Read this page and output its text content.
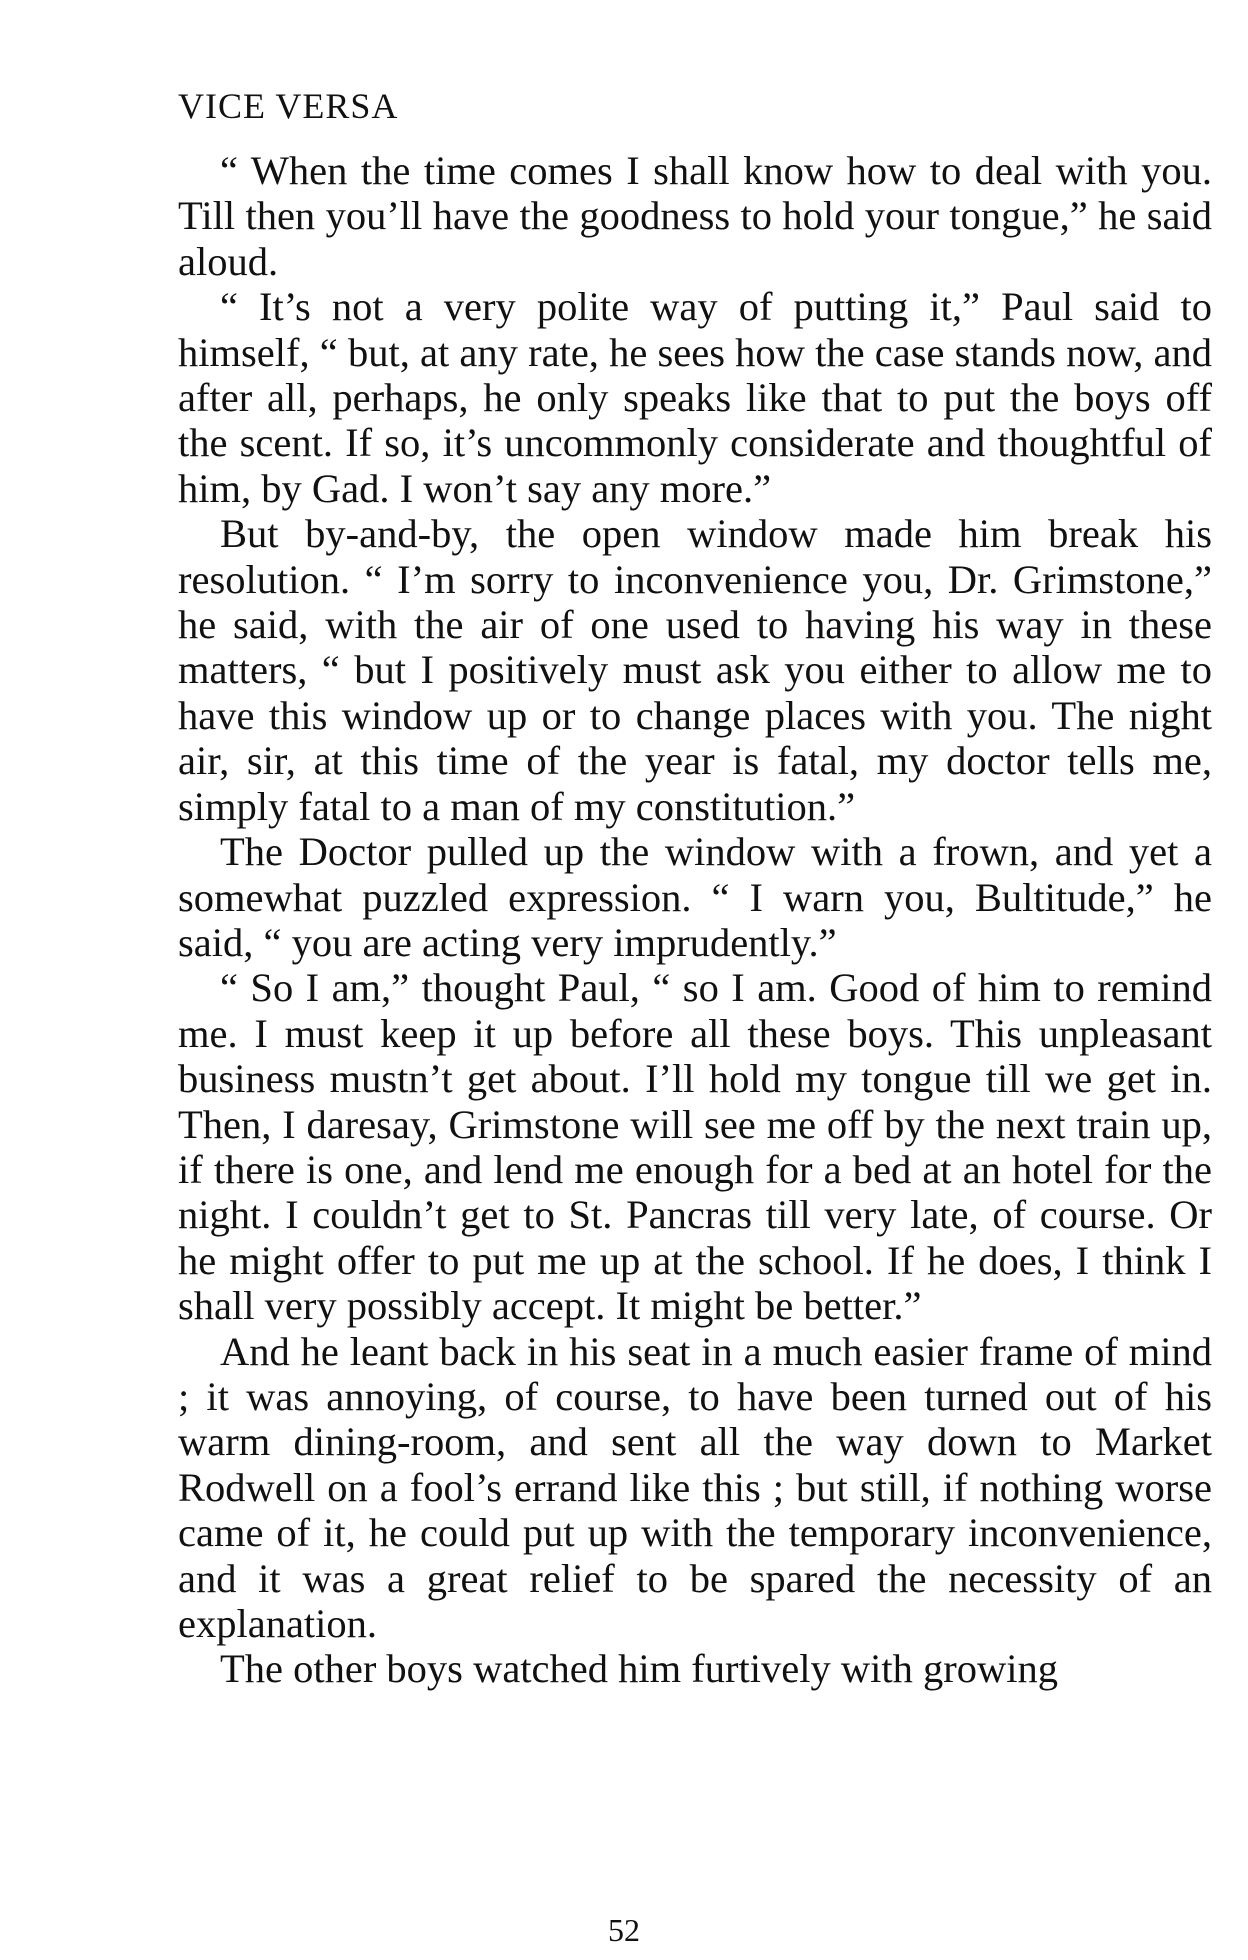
VICE VERSA

“ When the time comes I shall know how to deal with you. Till then you’ll have the goodness to hold your tongue,” he said aloud.

“ It’s not a very polite way of putting it,” Paul said to himself, “ but, at any rate, he sees how the case stands now, and after all, perhaps, he only speaks like that to put the boys off the scent. If so, it’s uncommonly considerate and thoughtful of him, by Gad. I won’t say any more.”

But by-and-by, the open window made him break his resolution. “ I’m sorry to inconvenience you, Dr. Grimstone,” he said, with the air of one used to having his way in these matters, “ but I positively must ask you either to allow me to have this window up or to change places with you. The night air, sir, at this time of the year is fatal, my doctor tells me, simply fatal to a man of my constitution.”

The Doctor pulled up the window with a frown, and yet a somewhat puzzled expression. “ I warn you, Bultitude,” he said, “ you are acting very imprudently.”

“ So I am,” thought Paul, “ so I am. Good of him to remind me. I must keep it up before all these boys. This unpleasant business mustn’t get about. I’ll hold my tongue till we get in. Then, I daresay, Grimstone will see me off by the next train up, if there is one, and lend me enough for a bed at an hotel for the night. I couldn’t get to St. Pancras till very late, of course. Or he might offer to put me up at the school. If he does, I think I shall very possibly accept. It might be better.”

And he leant back in his seat in a much easier frame of mind ; it was annoying, of course, to have been turned out of his warm dining-room, and sent all the way down to Market Rodwell on a fool’s errand like this ; but still, if nothing worse came of it, he could put up with the temporary inconvenience, and it was a great relief to be spared the necessity of an explanation.

The other boys watched him furtively with growing

52
